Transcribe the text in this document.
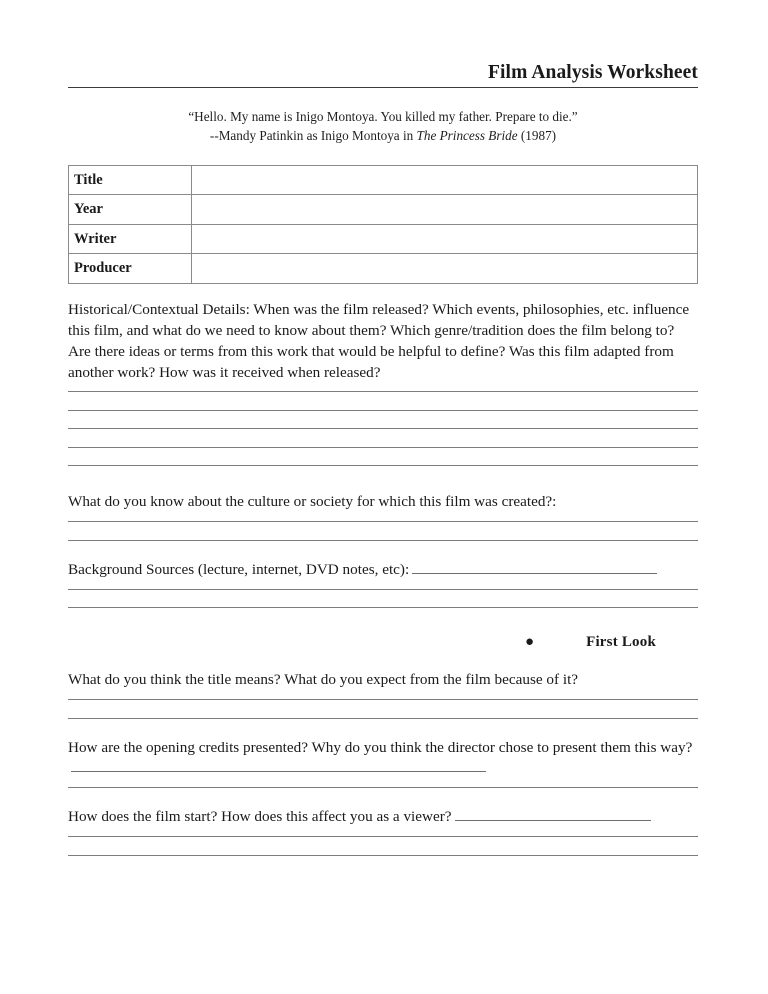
Film Analysis Worksheet
“Hello. My name is Inigo Montoya. You killed my father. Prepare to die.”
--Mandy Patinkin as Inigo Montoya in The Princess Bride (1987)
Title	
Year	
Writer	
Producer	

Historical/Contextual Details: When was the film released? Which events, philosophies, etc. influence this film, and what do we need to know about them? Which genre/tradition does the film belong to? Are there ideas or terms from this work that would be helpful to define? Was this film adapted from another work? How was it received when released?

What do you know about the culture or society for which this film was created?:

Background Sources (lecture, internet, DVD notes, etc):

●	First Look

What do you think the title means? What do you expect from the film because of it?

How are the opening credits presented? Why do you think the director chose to present them this way?

How does the film start? How does this affect you as a viewer?
